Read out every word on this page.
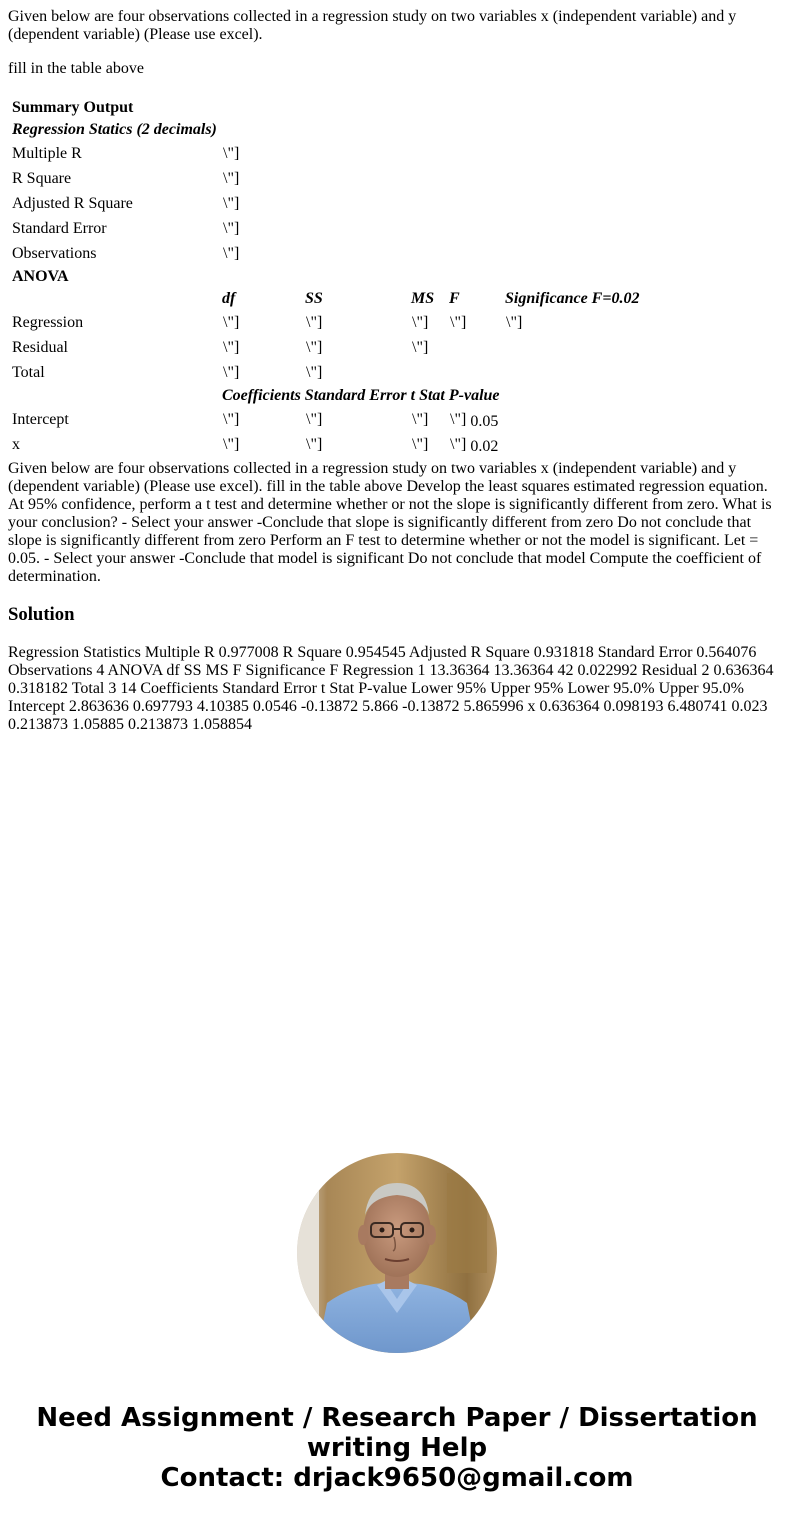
Given below are four observations collected in a regression study on two variables x (independent variable) and y (dependent variable) (Please use excel).

fill in the table above

Summary Output					
Regression Statics (2 decimals)					
Multiple R	\"]				
R Square	\"]				
Adjusted R Square	\"]				
Standard Error	\"]				
Observations	\"]				
ANOVA					
	df	SS	MS	F	Significance F=0.02
Regression	\"]	\"]	\"]	\"]	\"]
Residual	\"]	\"]	\"]		
Total	\"]	\"]			
	Coefficients Standard Error t Stat P-value				
Intercept	\"]	\"]	\"]	\"] 0.05	
x	\"]	\"]	\"]	\"] 0.02	

Given below are four observations collected in a regression study on two variables x (independent variable) and y (dependent variable) (Please use excel). fill in the table above Develop the least squares estimated regression equation. At 95% confidence, perform a t test and determine whether or not the slope is significantly different from zero. What is your conclusion? - Select your answer -Conclude that slope is significantly different from zero Do not conclude that slope is significantly different from zero Perform an F test to determine whether or not the model is significant. Let = 0.05. - Select your answer -Conclude that model is significant Do not conclude that model Compute the coefficient of determination.

Solution

Regression Statistics Multiple R 0.977008 R Square 0.954545 Adjusted R Square 0.931818 Standard Error 0.564076 Observations 4 ANOVA df SS MS F Significance F Regression 1 13.36364 13.36364 42 0.022992 Residual 2 0.636364 0.318182 Total 3 14 Coefficients Standard Error t Stat P-value Lower 95% Upper 95% Lower 95.0% Upper 95.0% Intercept 2.863636 0.697793 4.10385 0.0546 -0.13872 5.866 -0.13872 5.865996 x 0.636364 0.098193 6.480741 0.023 0.213873 1.05885 0.213873 1.058854

Need Assignment / Research Paper / Dissertation writing Help
Contact: drjack9650@gmail.com
